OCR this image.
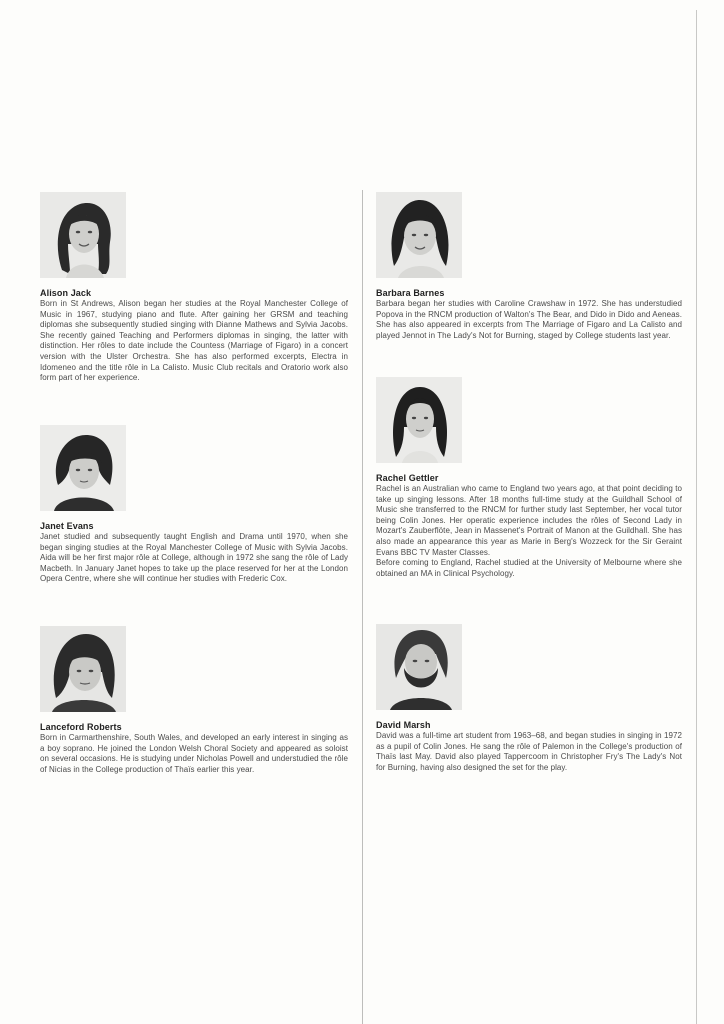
Alison Jack

Born in St Andrews, Alison began her studies at the Royal Manchester College of Music in 1967, studying piano and flute. After gaining her GRSM and teaching diplomas she subsequently studied singing with Dianne Mathews and Sylvia Jacobs. She recently gained Teaching and Performers diplomas in singing, the latter with distinction. Her rôles to date include the Countess (Marriage of Figaro) in a concert version with the Ulster Orchestra. She has also performed excerpts, Electra in Idomeneo and the title rôle in La Calisto. Music Club recitals and Oratorio work also form part of her experience.

Janet Evans

Janet studied and subsequently taught English and Drama until 1970, when she began singing studies at the Royal Manchester College of Music with Sylvia Jacobs. Aida will be her first major rôle at College, although in 1972 she sang the rôle of Lady Macbeth. In January Janet hopes to take up the place reserved for her at the London Opera Centre, where she will continue her studies with Frederic Cox.

Lanceford Roberts

Born in Carmarthenshire, South Wales, and developed an early interest in singing as a boy soprano. He joined the London Welsh Choral Society and appeared as soloist on several occasions. He is studying under Nicholas Powell and understudied the rôle of Nicias in the College production of Thaïs earlier this year.

Barbara Barnes

Barbara began her studies with Caroline Crawshaw in 1972. She has understudied Popova in the RNCM production of Walton's The Bear, and Dido in Dido and Aeneas. She has also appeared in excerpts from The Marriage of Figaro and La Calisto and played Jennot in The Lady's Not for Burning, staged by College students last year.

Rachel Gettler

Rachel is an Australian who came to England two years ago, at that point deciding to take up singing lessons. After 18 months full-time study at the Guildhall School of Music she transferred to the RNCM for further study last September, her vocal tutor being Colin Jones. Her operatic experience includes the rôles of Second Lady in Mozart's Zauberflöte, Jean in Massenet's Portrait of Manon at the Guildhall. She has also made an appearance this year as Marie in Berg's Wozzeck for the Sir Geraint Evans BBC TV Master Classes.

Before coming to England, Rachel studied at the University of Melbourne where she obtained an MA in Clinical Psychology.

David Marsh

David was a full-time art student from 1963–68, and began studies in singing in 1972 as a pupil of Colin Jones. He sang the rôle of Palemon in the College's production of Thaïs last May. David also played Tappercoom in Christopher Fry's The Lady's Not for Burning, having also designed the set for the play.
